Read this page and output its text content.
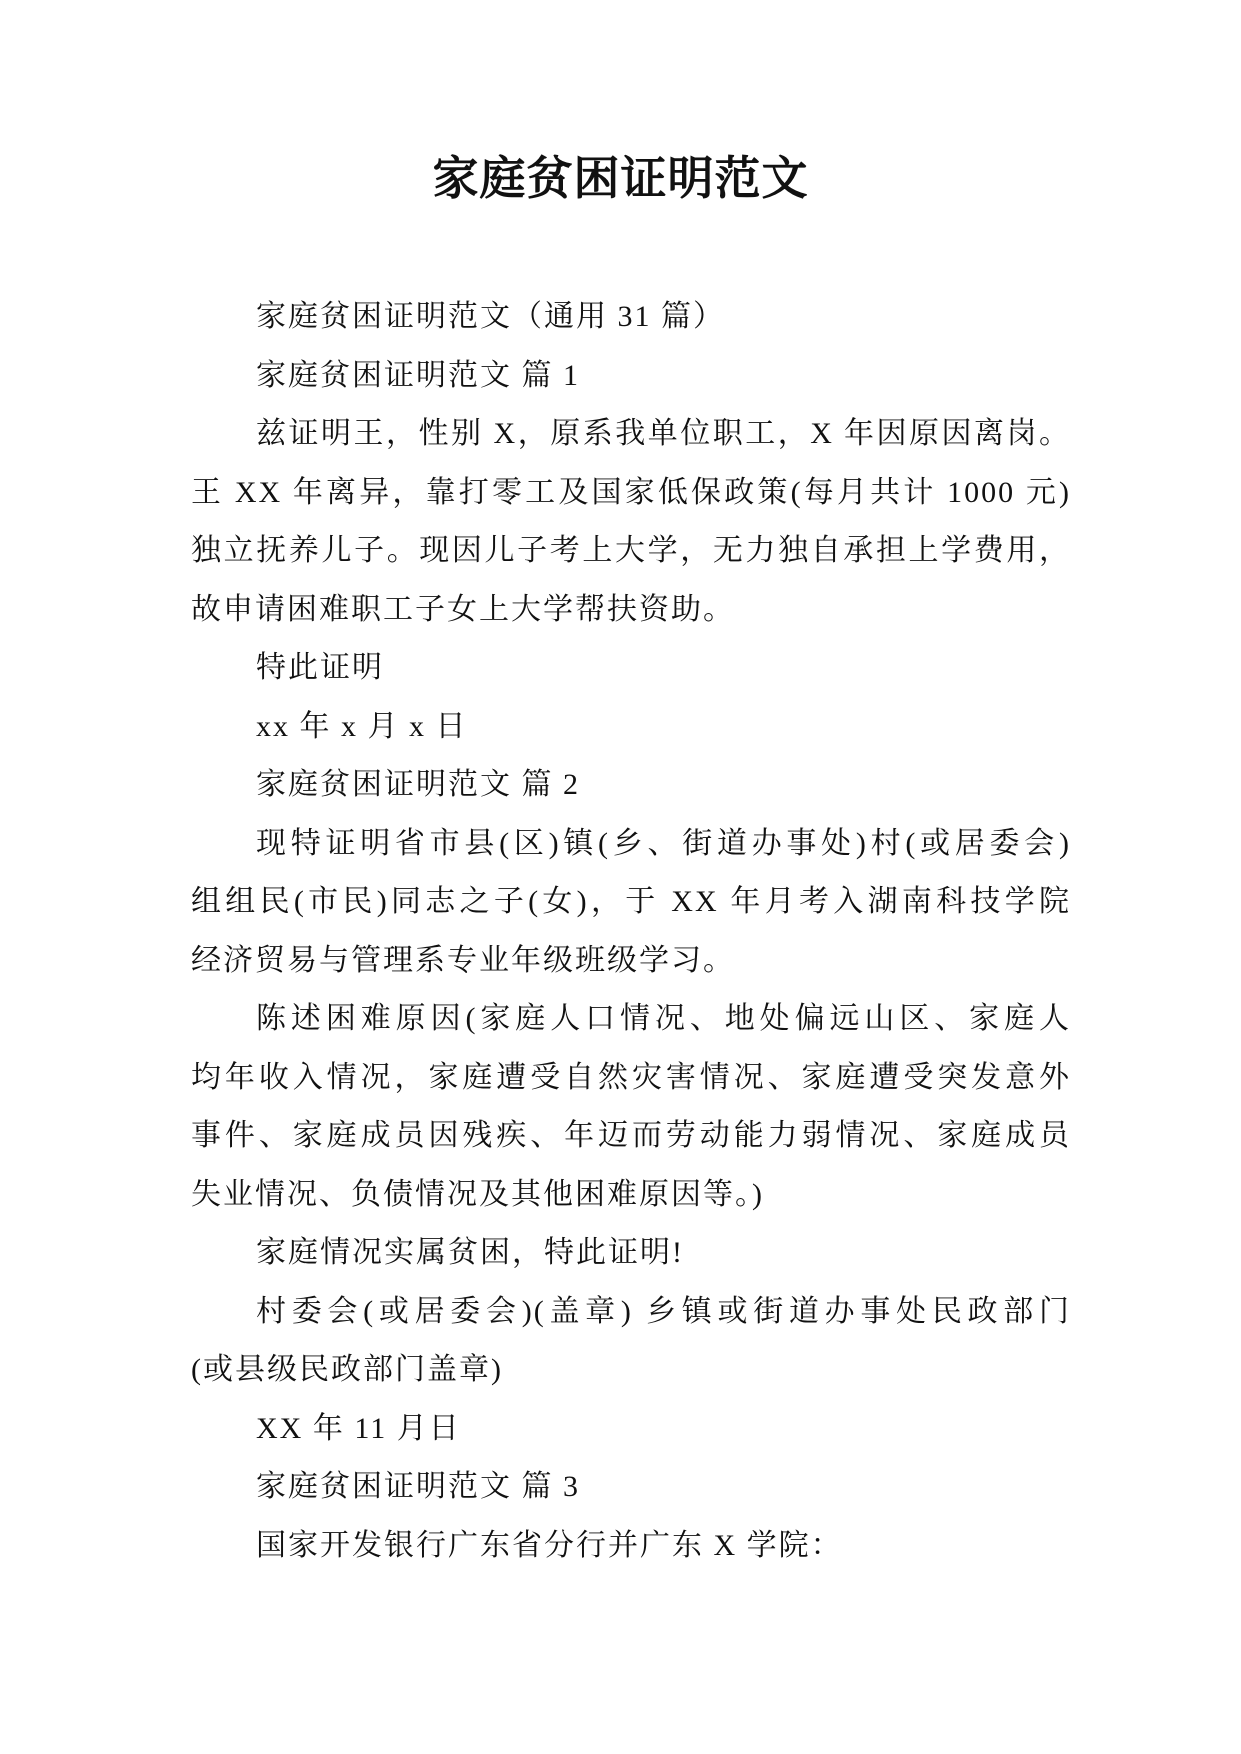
家庭贫困证明范文
家庭贫困证明范文（通用 31 篇）
家庭贫困证明范文 篇 1
兹证明王，性别 X，原系我单位职工，X 年因原因离岗。
王 XX 年离异，靠打零工及国家低保政策(每月共计 1000 元)
独立抚养儿子。现因儿子考上大学，无力独自承担上学费用，
故申请困难职工子女上大学帮扶资助。
特此证明
xx 年 x 月 x 日
家庭贫困证明范文 篇 2
现特证明省市县(区)镇(乡、街道办事处)村(或居委会)
组组民(市民)同志之子(女)，于 XX 年月考入湖南科技学院
经济贸易与管理系专业年级班级学习。
陈述困难原因(家庭人口情况、地处偏远山区、家庭人
均年收入情况，家庭遭受自然灾害情况、家庭遭受突发意外
事件、家庭成员因残疾、年迈而劳动能力弱情况、家庭成员
失业情况、负债情况及其他困难原因等。)
家庭情况实属贫困，特此证明!
村委会(或居委会)(盖章) 乡镇或街道办事处民政部门
(或县级民政部门盖章)
XX 年 11 月日
家庭贫困证明范文 篇 3
国家开发银行广东省分行并广东 X 学院：
